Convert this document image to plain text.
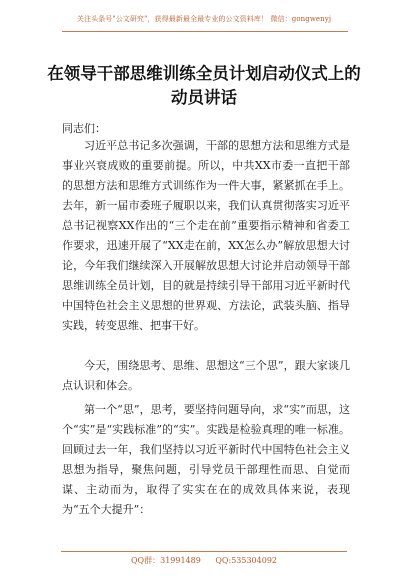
关注头条号"公文研究"，获得最新最全最专业的公文资料库！ 微信：gongwenyj
在领导干部思维训练全员计划启动仪式上的动员讲话
同志们：

习近平总书记多次强调，干部的思想方法和思维方式是事业兴衰成败的重要前提。所以，中共XX市委一直把干部的思想方法和思维方式训练作为一件大事，紧紧抓在手上。去年，新一届市委班子履职以来，我们认真贯彻落实习近平总书记视察XX作出的“三个走在前”重要指示精神和省委工作要求，迅速开展了“XX走在前，XX怎么办”解放思想大讨论，今年我们继续深入开展解放思想大讨论并启动领导干部思维训练全员计划，目的就是持续引导干部用习近平新时代中国特色社会主义思想的世界观、方法论，武装头脑、指导实践，转变思维、把事干好。

今天，围绕思考、思维、思想这“三个思”，跟大家谈几点认识和体会。

第一个“思”，思考，要坚持问题导向，求“实”而思，这个“实”是“实践标准”的“实”。实践是检验真理的唯一标准。回顾过去一年，我们坚持以习近平新时代中国特色社会主义思想为指导，聚焦问题，引导党员干部理性而思、自觉而谋、主动而为，取得了实实在在的成效具体来说，表现为“五个大提升”：

QQ群：31991489 QQ:535304092
